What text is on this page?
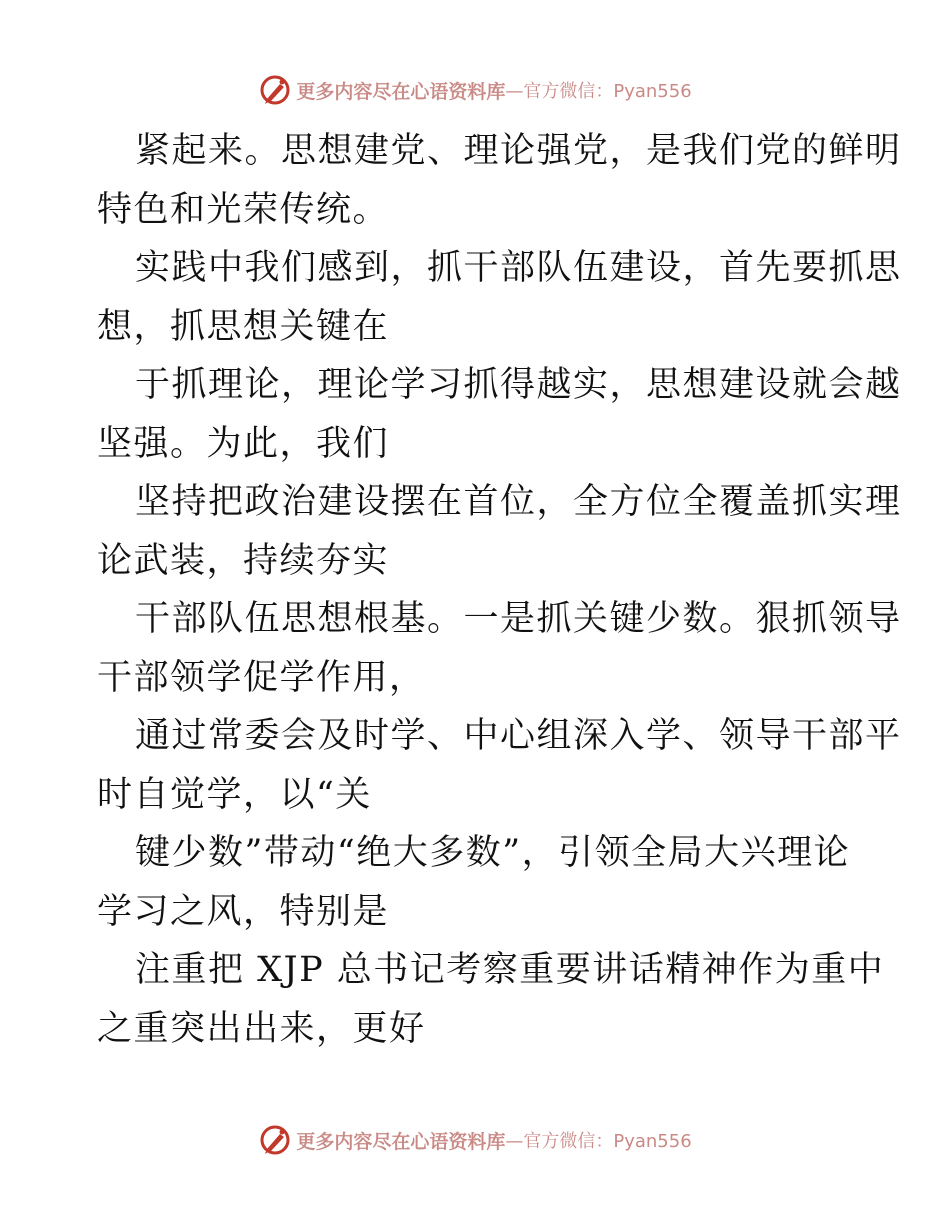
更多内容尽在心语资料库 —官方微信：Pyan556
紧起来。思想建党、理论强党，是我们党的鲜明
特色和光荣传统。
实践中我们感到，抓干部队伍建设，首先要抓思
想，抓思想关键在
于抓理论，理论学习抓得越实，思想建设就会越
坚强。为此，我们
坚持把政治建设摆在首位，全方位全覆盖抓实理
论武装，持续夯实
干部队伍思想根基。一是抓关键少数。狠抓领导
干部领学促学作用，
通过常委会及时学、中心组深入学、领导干部平
时自觉学，以“关
键少数”带动“绝大多数”，引领全局大兴理论
学习之风，特别是
注重把 XJP 总书记考察重要讲话精神作为重中
之重突出出来，更好
更多内容尽在心语资料库 —官方微信：Pyan556
